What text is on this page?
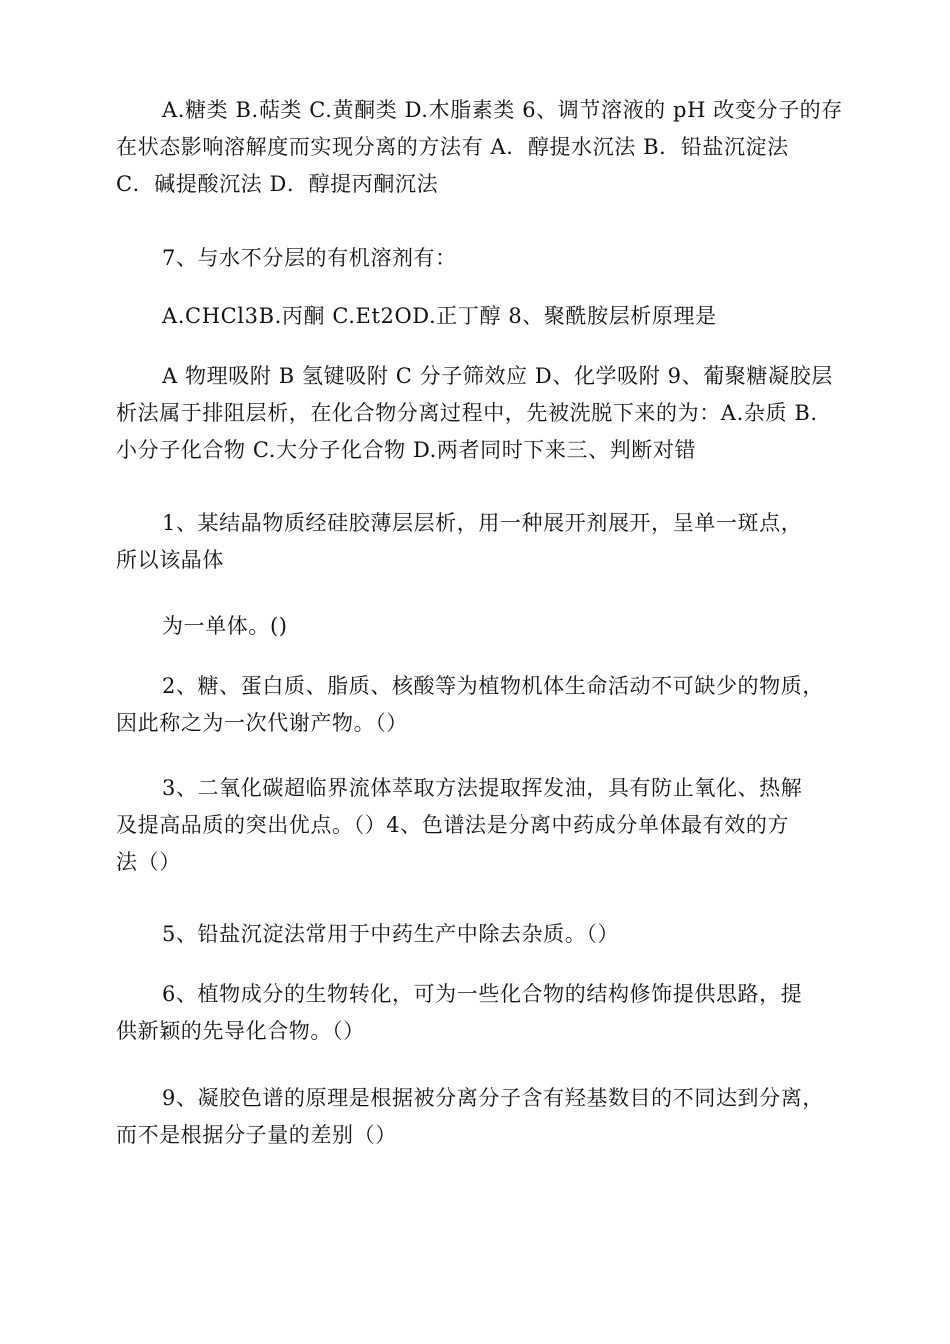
A.糖类 B.萜类 C.黄酮类 D.木脂素类 6、调节溶液的 pH 改变分子的存
在状态影响溶解度而实现分离的方法有 A．醇提水沉法 B．铅盐沉淀法
C．碱提酸沉法 D．醇提丙酮沉法
7、与水不分层的有机溶剂有：
A.CHCl3B.丙酮 C.Et2OD.正丁醇 8、聚酰胺层析原理是
A 物理吸附 B 氢键吸附 C 分子筛效应 D、化学吸附 9、葡聚糖凝胶层
析法属于排阻层析，在化合物分离过程中，先被洗脱下来的为：A.杂质 B.
小分子化合物 C.大分子化合物 D.两者同时下来三、判断对错
1、某结晶物质经硅胶薄层层析，用一种展开剂展开，呈单一斑点，
所以该晶体
为一单体。()
2、糖、蛋白质、脂质、核酸等为植物机体生命活动不可缺少的物质，
因此称之为一次代谢产物。（）
3、二氧化碳超临界流体萃取方法提取挥发油，具有防止氧化、热解
及提高品质的突出优点。（）4、色谱法是分离中药成分单体最有效的方
法（）
5、铅盐沉淀法常用于中药生产中除去杂质。（）
6、植物成分的生物转化，可为一些化合物的结构修饰提供思路，提
供新颖的先导化合物。（）
9、凝胶色谱的原理是根据被分离分子含有羟基数目的不同达到分离，
而不是根据分子量的差别（）
